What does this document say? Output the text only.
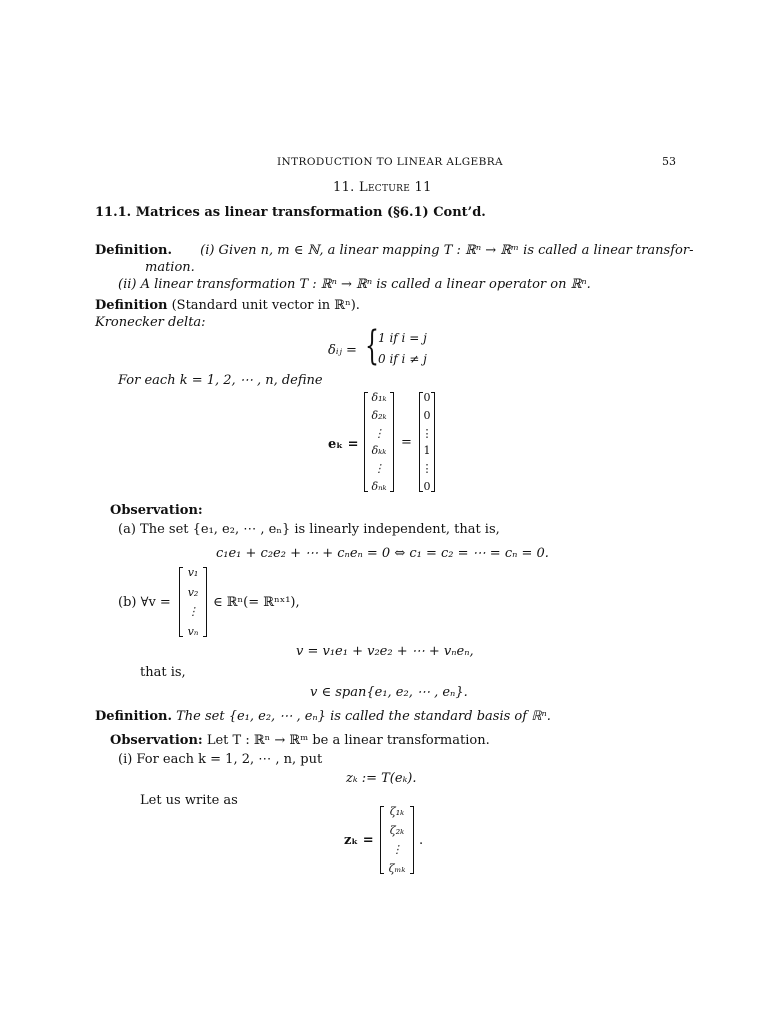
INTRODUCTION TO LINEAR ALGEBRA	53
11. Lecture 11
11.1. Matrices as linear transformation (§6.1) Cont’d.
Definition. (i) Given n, m ∈ ℕ, a linear mapping T : ℝⁿ → ℝᵐ is called a linear transfor-
mation.
(ii) A linear transformation T : ℝⁿ → ℝⁿ is called a linear operator on ℝⁿ.
Definition (Standard unit vector in ℝⁿ).
Kronecker delta:
δᵢⱼ = { 1 if i = j
0 if i ≠ j
For each k = 1, 2, ⋯ , n, define
eₖ =
δ₁ₖ
δ₂ₖ
⋮
δₖₖ
⋮
δₙₖ
=
0
0
⋮
1
⋮
0
Observation:
(a) The set {e₁, e₂, ⋯ , eₙ} is linearly independent, that is,
c₁e₁ + c₂e₂ + ⋯ + cₙeₙ = 0 ⇔ c₁ = c₂ = ⋯ = cₙ = 0.
(b) ∀v =
v₁
v₂
⋮
vₙ
∈ ℝⁿ(= ℝⁿˣ¹),
v = v₁e₁ + v₂e₂ + ⋯ + vₙeₙ,
that is,
v ∈ span{e₁, e₂, ⋯ , eₙ}.
Definition. The set {e₁, e₂, ⋯ , eₙ} is called the standard basis of ℝⁿ.
Observation: Let T : ℝⁿ → ℝᵐ be a linear transformation.
(i) For each k = 1, 2, ⋯ , n, put
zₖ := T(eₖ).
Let us write as
zₖ =
ζ₁ₖ
ζ₂ₖ
⋮
ζₘₖ
.
